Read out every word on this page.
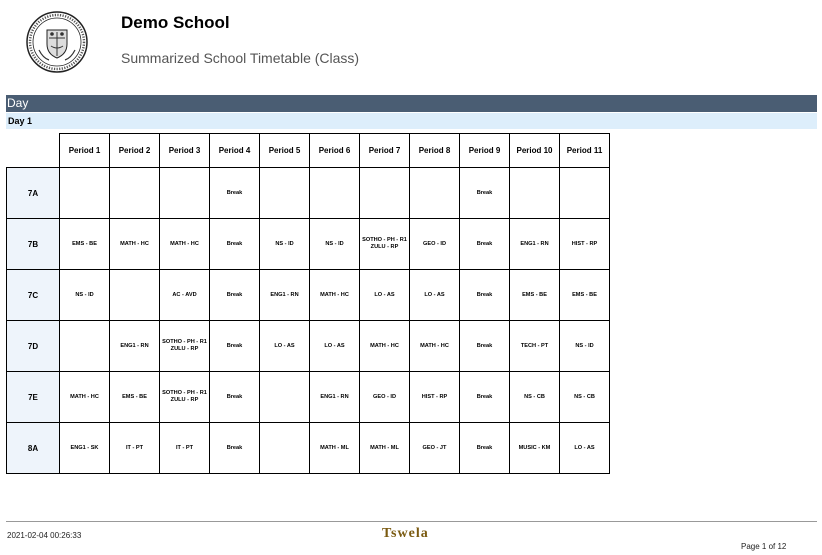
Demo School
Summarized School Timetable (Class)
Day
Day 1
	Period 1	Period 2	Period 3	Period 4	Period 5	Period 6	Period 7	Period 8	Period 9	Period 10	Period 11
7A				Break					Break		
7B	EMS - BE	MATH - HC	MATH - HC	Break	NS - ID	NS - ID	SOTHO - PH - R1 ZULU - RP	GEO - ID	Break	ENG1 - RN	HIST - RP
7C	NS - ID		AC - AVD	Break	ENG1 - RN	MATH - HC	LO - AS	LO - AS	Break	EMS - BE	EMS - BE
7D		ENG1 - RN	SOTHO - PH - R1 ZULU - RP	Break	LO - AS	LO - AS	MATH - HC	MATH - HC	Break	TECH - PT	NS - ID
7E	MATH - HC	EMS - BE	SOTHO - PH - R1 ZULU - RP	Break		ENG1 - RN	GEO - ID	HIST - RP	Break	NS - CB	NS - CB
8A	ENG1 - SK	IT - PT	IT - PT	Break		MATH - ML	MATH - ML	GEO - JT	Break	MUSIC - KM	LO - AS
2021-02-04 00:26:33	Tswela
Page 1 of 12
